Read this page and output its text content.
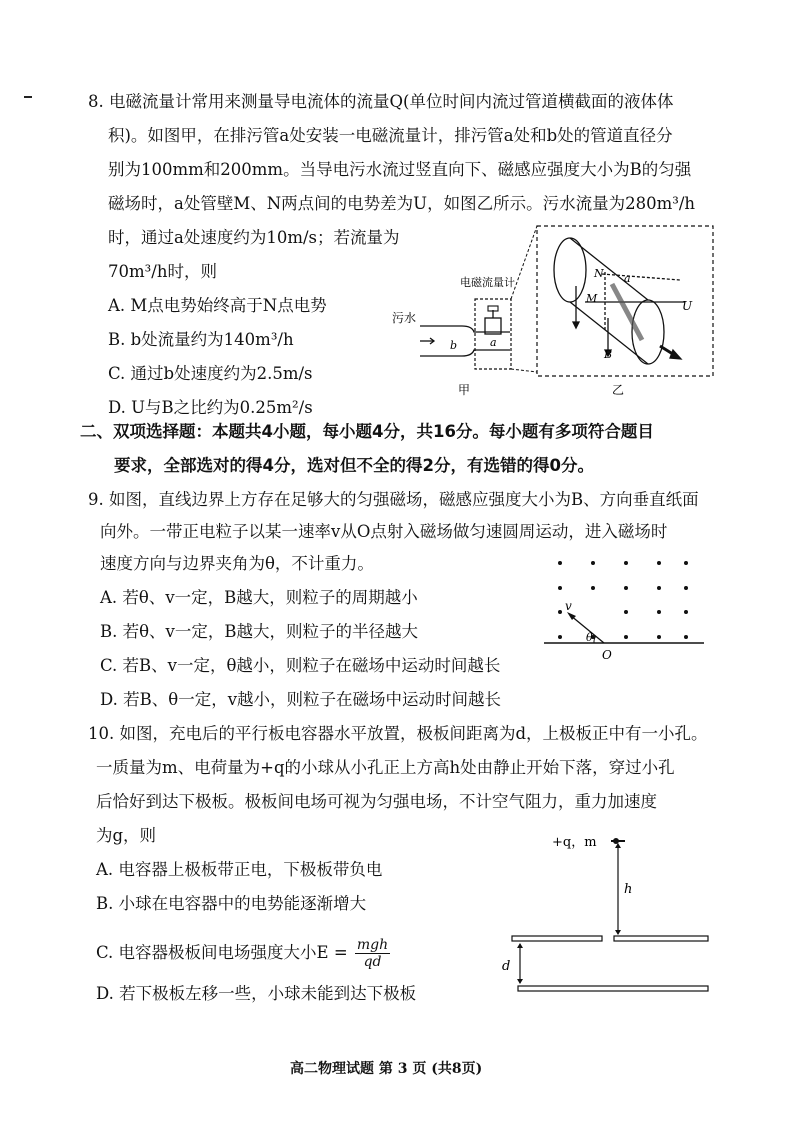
8. 电磁流量计常用来测量导电流体的流量Q(单位时间内流过管道横截面的液体体
积)。如图甲，在排污管a处安装一电磁流量计，排污管a处和b处的管道直径分
别为100mm和200mm。当导电污水流过竖直向下、磁感应强度大小为B的匀强
磁场时，a处管壁M、N两点间的电势差为U，如图乙所示。污水流量为280m³/h
时，通过a处速度约为10m/s；若流量为
70m³/h时，则
A. M点电势始终高于N点电势
B. b处流量约为140m³/h
C. 通过b处速度约为2.5m/s
D. U与B之比约为0.25m²/s
电磁流量计
污水
b	a
甲
N
M
a
U
B
乙
二、双项选择题：本题共4小题，每小题4分，共16分。每小题有多项符合题目
要求，全部选对的得4分，选对但不全的得2分，有选错的得0分。
9. 如图，直线边界上方存在足够大的匀强磁场，磁感应强度大小为B、方向垂直纸面
向外。一带正电粒子以某一速率v从O点射入磁场做匀速圆周运动，进入磁场时
速度方向与边界夹角为θ，不计重力。
A. 若θ、v一定，B越大，则粒子的周期越小
B. 若θ、v一定，B越大，则粒子的半径越大
C. 若B、v一定，θ越小，则粒子在磁场中运动时间越长
D. 若B、θ一定，v越小，则粒子在磁场中运动时间越长
v
θ
O
10. 如图，充电后的平行板电容器水平放置，极板间距离为d，上极板正中有一小孔。
一质量为m、电荷量为+q的小球从小孔正上方高h处由静止开始下落，穿过小孔
后恰好到达下极板。极板间电场可视为匀强电场，不计空气阻力，重力加速度
为g，则
A. 电容器上极板带正电，下极板带负电
B. 小球在电容器中的电势能逐渐增大
C. 电容器极板间电场强度大小E = mgh
qd
D. 若下极板左移一些，小球未能到达下极板
+q，m
h
d
高二物理试题 第 3 页 (共8页)
